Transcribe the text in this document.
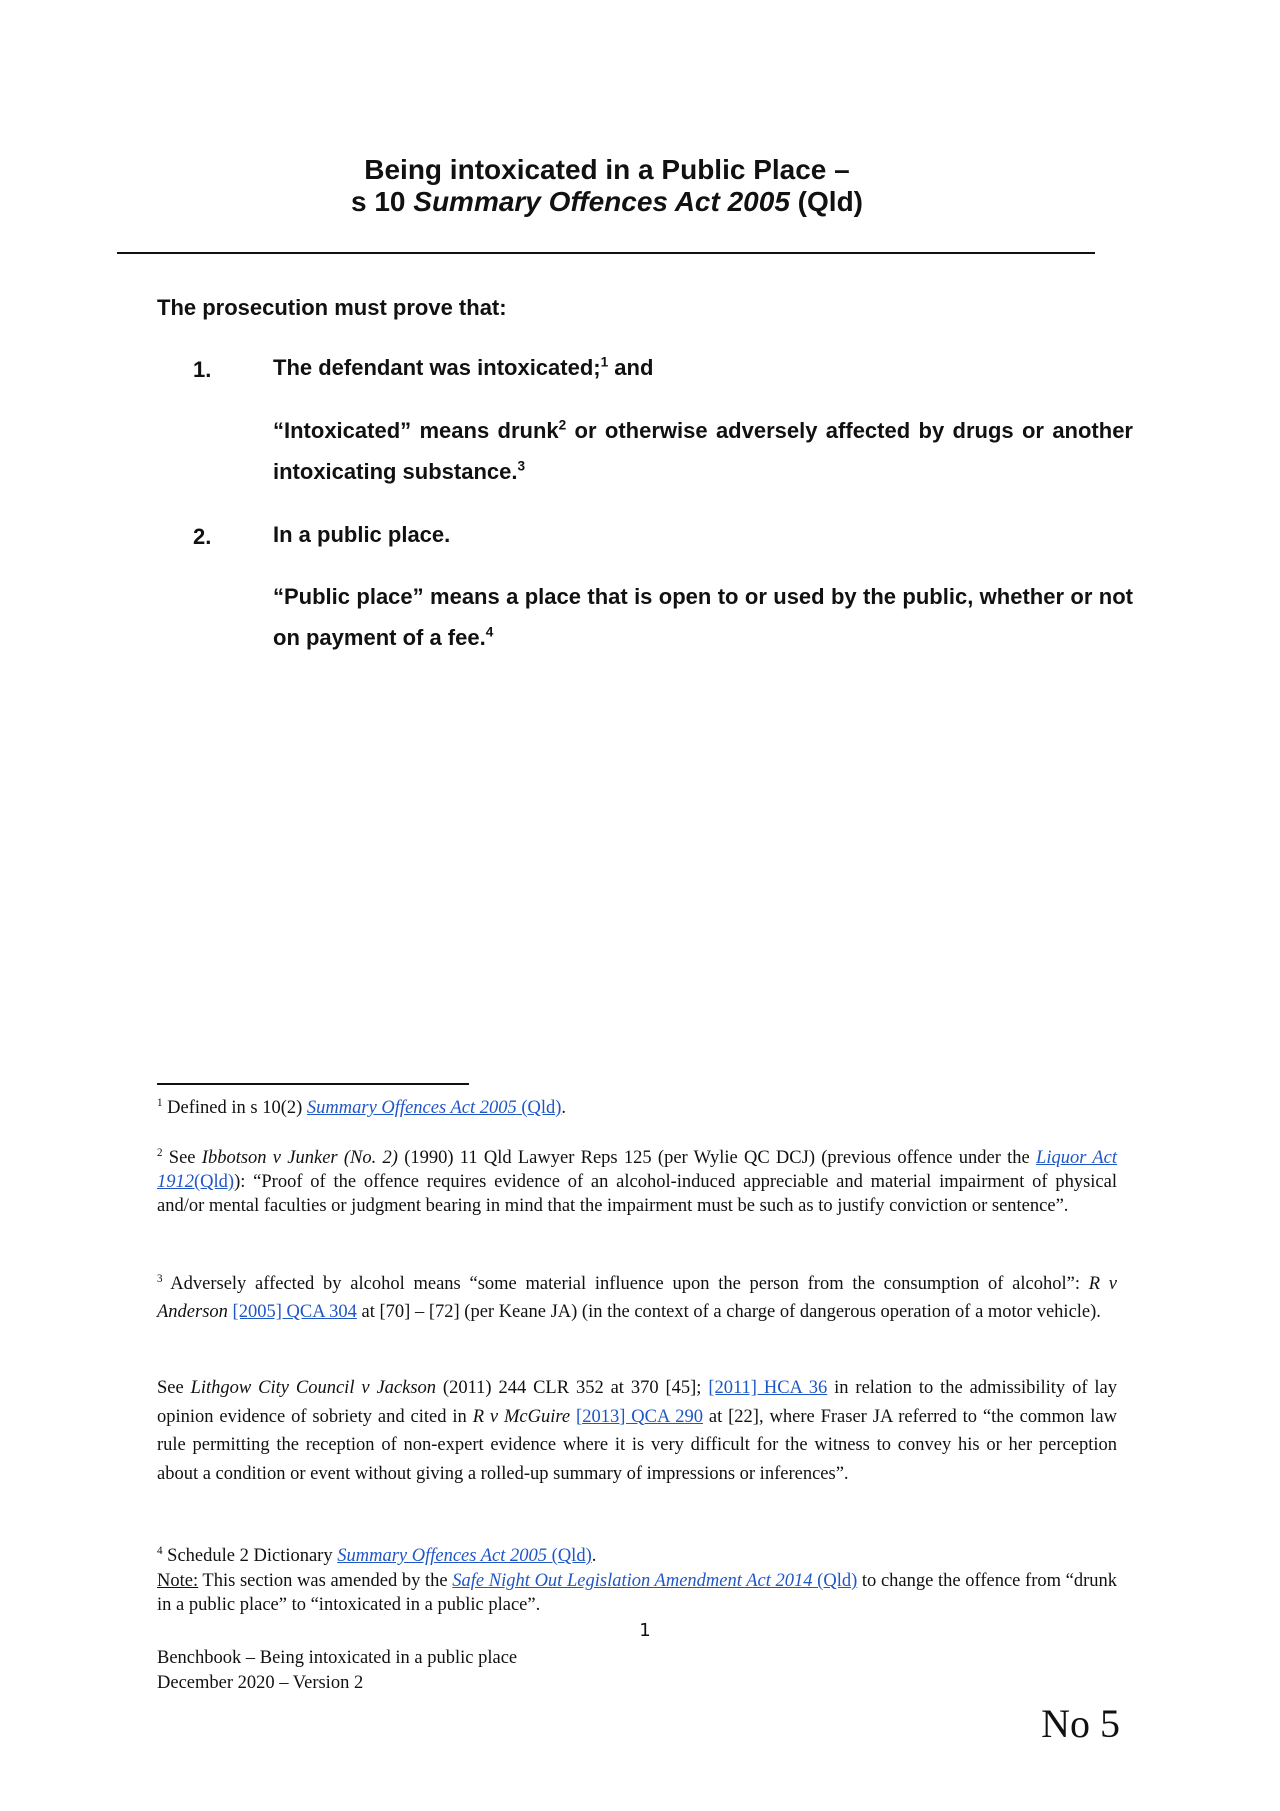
Being intoxicated in a Public Place –
s 10 Summary Offences Act 2005 (Qld)
The prosecution must prove that:
1.	The defendant was intoxicated;$^1$ and
“Intoxicated” means drunk$^2$ or otherwise adversely affected by drugs or another intoxicating substance.$^3$
2.	In a public place.
“Public place” means a place that is open to or used by the public, whether or not on payment of a fee.$^4$
$^1$ Defined in s 10(2) Summary Offences Act 2005 (Qld).
$^2$ See Ibbotson v Junker (No. 2) (1990) 11 Qld Lawyer Reps 125 (per Wylie QC DCJ) (previous offence under the Liquor Act 1912(Qld)): “Proof of the offence requires evidence of an alcohol-induced appreciable and material impairment of physical and/or mental faculties or judgment bearing in mind that the impairment must be such as to justify conviction or sentence”.
$^3$ Adversely affected by alcohol means “some material influence upon the person from the consumption of alcohol”: R v Anderson [2005] QCA 304 at [70] – [72] (per Keane JA) (in the context of a charge of dangerous operation of a motor vehicle).
See Lithgow City Council v Jackson (2011) 244 CLR 352 at 370 [45]; [2011] HCA 36 in relation to the admissibility of lay opinion evidence of sobriety and cited in R v McGuire [2013] QCA 290 at [22], where Fraser JA referred to “the common law rule permitting the reception of non-expert evidence where it is very difficult for the witness to convey his or her perception about a condition or event without giving a rolled-up summary of impressions or inferences”.
$^4$ Schedule 2 Dictionary Summary Offences Act 2005 (Qld).
Note: This section was amended by the Safe Night Out Legislation Amendment Act 2014 (Qld) to change the offence from “drunk in a public place” to “intoxicated in a public place”.
1
Benchbook – Being intoxicated in a public place
December 2020 – Version 2
No 5
